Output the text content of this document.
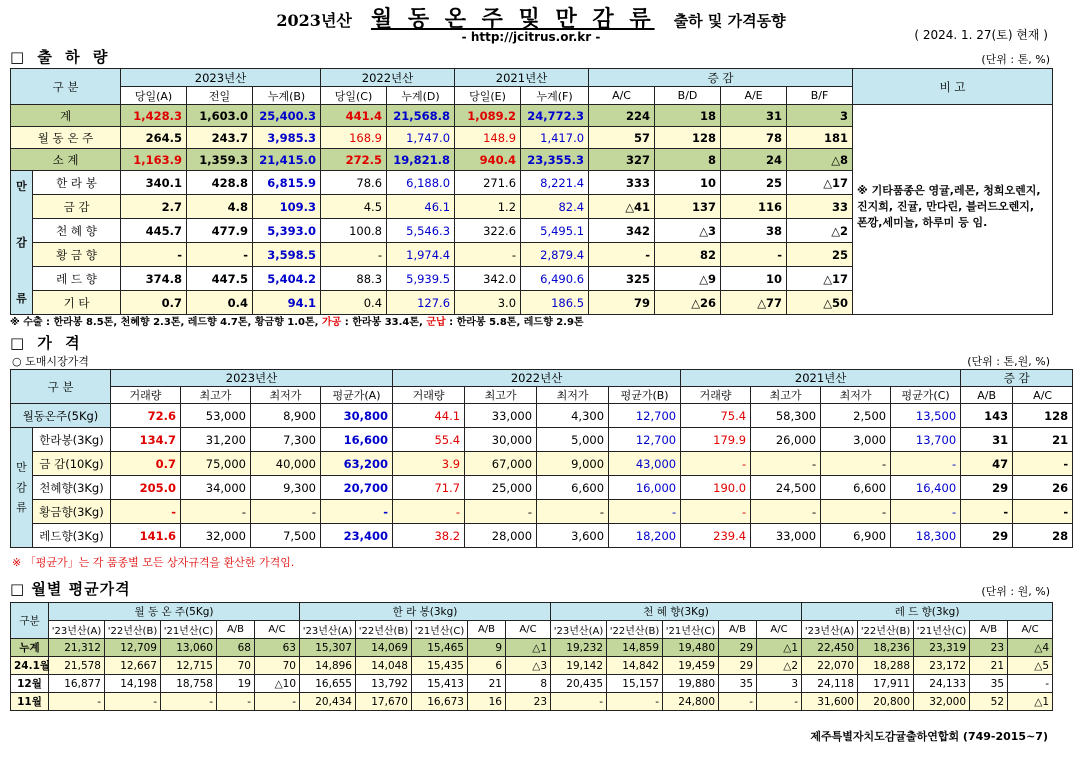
2023년산 월 동 온 주 및 만 감 류 출하 및 가격동향
- http://jcitrus.or.kr -	( 2024. 1. 27(토) 현재 )
□ 출 하 량	(단위 : 톤, %)
구 분		2023년산			2022년산		2021년산		증 감				비 고
		당일(A)	전일	누계(B)	당일(C)	누계(D)	당일(E)	누계(F)	A/C	B/D	A/E	B/F	
계		1,428.3	1,603.0	25,400.3	441.4	21,568.8	1,089.2	24,772.3	224	18	31	3	※ 기타품종은 영귤,레몬, 청희오렌지, 진지희, 진귤, 만다린, 블러드오렌지, 폰깡,세미놀, 하루미 등 임.
월 동 온 주		264.5	243.7	3,985.3	168.9	1,747.0	148.9	1,417.0	57	128	78	181	
소 계		1,163.9	1,359.3	21,415.0	272.5	19,821.8	940.4	23,355.3	327	8	24	△8	

만
감
류	한 라 봉	340.1	428.8	6,815.9	78.6	6,188.0	271.6	8,221.4	333	10	25	△17	
	금 감	2.7	4.8	109.3	4.5	46.1	1.2	82.4	△41	137	116	33	
	천 혜 향	445.7	477.9	5,393.0	100.8	5,546.3	322.6	5,495.1	342	△3	38	△2	
	황 금 향	-	-	3,598.5	-	1,974.4	-	2,879.4	-	82	-	25	
	레 드 향	374.8	447.5	5,404.2	88.3	5,939.5	342.0	6,490.6	325	△9	10	△17	
	기 타	0.7	0.4	94.1	0.4	127.6	3.0	186.5	79	△26	△77	△50	
※ 수출 : 한라봉 8.5톤, 천혜향 2.3톤, 레드향 4.7톤, 황금향 1.0톤, 가공 : 한라봉 33.4톤, 군납 : 한라봉 5.8톤, 레드향 2.9톤
□ 가 격
○ 도매시장가격	(단위 : 톤,원, %)
구 분		2023년산				2022년산				2021년산				증 감	
		거래량	최고가	최저가	평균가(A)	거래량	최고가	최저가	평균가(B)	거래량	최고가	최저가	평균가(C)	A/B	A/C
월동온주(5Kg)		72.6	53,000	8,900	30,800	44.1	33,000	4,300	12,700	75.4	58,300	2,500	13,500	143	128

만
감
류	한라봉(3Kg)	134.7	31,200	7,300	16,600	55.4	30,000	5,000	12,700	179.9	26,000	3,000	13,700	31	21
	금 감(10Kg)	0.7	75,000	40,000	63,200	3.9	67,000	9,000	43,000	-	-	-	-	47	-
	천혜향(3Kg)	205.0	34,000	9,300	20,700	71.7	25,000	6,600	16,000	190.0	24,500	6,600	16,400	29	26
	황금향(3Kg)	-	-	-	-	-	-	-	-	-	-	-	-	-	-
	레드향(3Kg)	141.6	32,000	7,500	23,400	38.2	28,000	3,600	18,200	239.4	33,000	6,900	18,300	29	28
※ 「평균가」는 각 품종별 모든 상자규격을 환산한 가격임.
□ 월별 평균가격	(단위 : 원, %)
구분	월 동 온 주(5Kg)					한 라 봉(3kg)					천 혜 향(3Kg)					레 드 향(3kg)				
	'23년산(A)	'22년산(B)	'21년산(C)	A/B	A/C	'23년산(A)	'22년산(B)	'21년산(C)	A/B	A/C	'23년산(A)	'22년산(B)	'21년산(C)	A/B	A/C	'23년산(A)	'22년산(B)	'21년산(C)	A/B	A/C
누계	21,312	12,709	13,060	68	63	15,307	14,069	15,465	9	△1	19,232	14,859	19,480	29	△1	22,450	18,236	23,319	23	△4
24.1월	21,578	12,667	12,715	70	70	14,896	14,048	15,435	6	△3	19,142	14,842	19,459	29	△2	22,070	18,288	23,172	21	△5
12월	16,877	14,198	18,758	19	△10	16,655	13,792	15,413	21	8	20,435	15,157	19,880	35	3	24,118	17,911	24,133	35	-
11월	-	-	-	-	-	20,434	17,670	16,673	16	23	-	-	24,800	-	-	31,600	20,800	32,000	52	△1
제주특별자치도감귤출하연합회 (749-2015~7)
